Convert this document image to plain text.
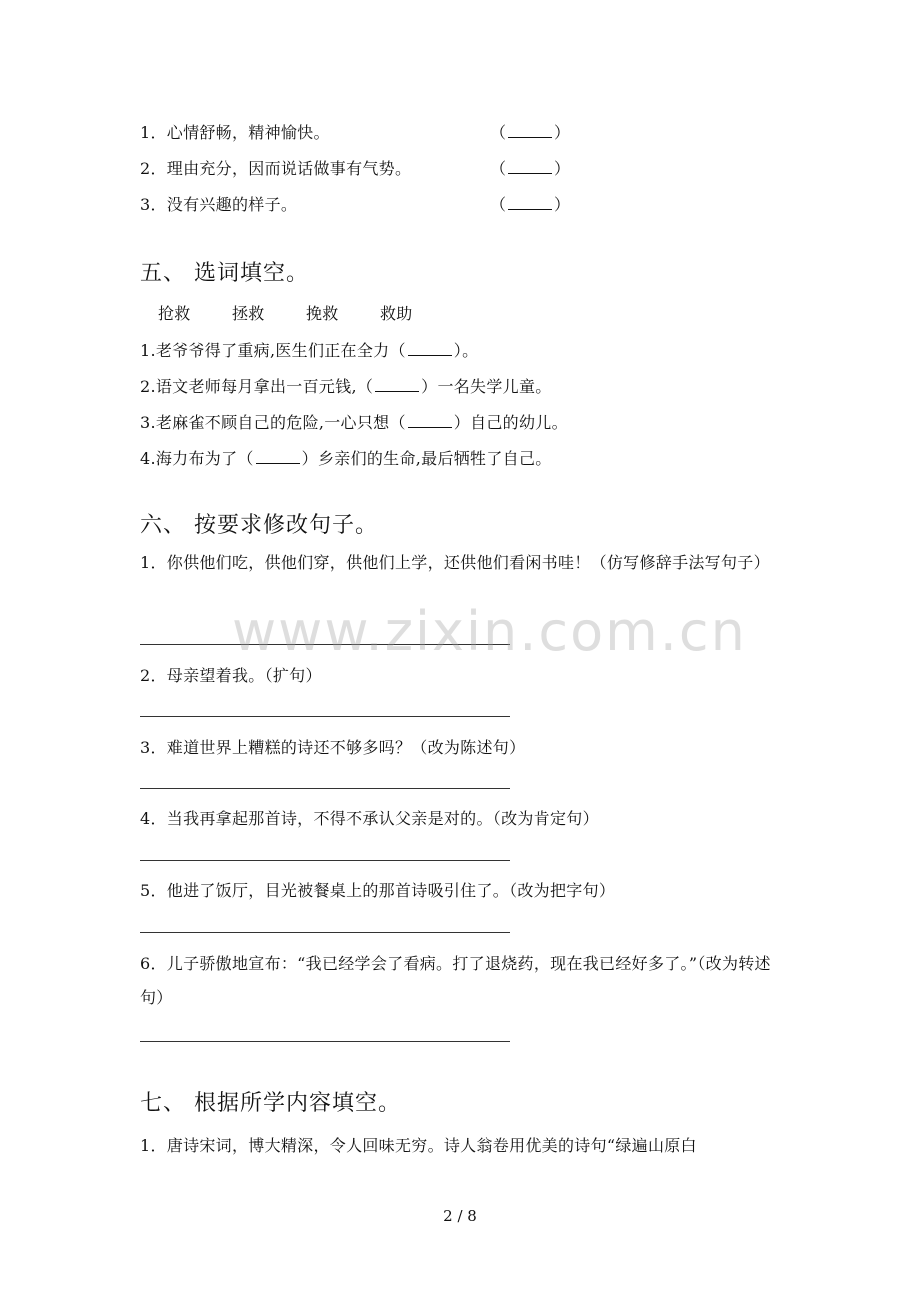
1．心情舒畅，精神愉快。	（	）
2．理由充分，因而说话做事有气势。	（	）
3．没有兴趣的样子。	（	）
五、 选词填空。
抢救	拯救	挽救	救助
1.老爷爷得了重病,医生们正在全力（	）。
2.语文老师每月拿出一百元钱,（	）一名失学儿童。
3.老麻雀不顾自己的危险,一心只想（	）自己的幼儿。
4.海力布为了（	）乡亲们的生命,最后牺牲了自己。
六、 按要求修改句子。
1．你供他们吃，供他们穿，供他们上学，还供他们看闲书哇！（仿写修辞手法写句子）
2．母亲望着我。（扩句）
3．难道世界上糟糕的诗还不够多吗？（改为陈述句）
4．当我再拿起那首诗，不得不承认父亲是对的。（改为肯定句）
5．他进了饭厅，目光被餐桌上的那首诗吸引住了。（改为把字句）
6．儿子骄傲地宣布：“我已经学会了看病。打了退烧药，现在我已经好多了。”（改为转述句）
七、 根据所学内容填空。
1．唐诗宋词，博大精深，令人回味无穷。诗人翁卷用优美的诗句“绿遍山原白
www.zixin.com.cn
2 / 8
